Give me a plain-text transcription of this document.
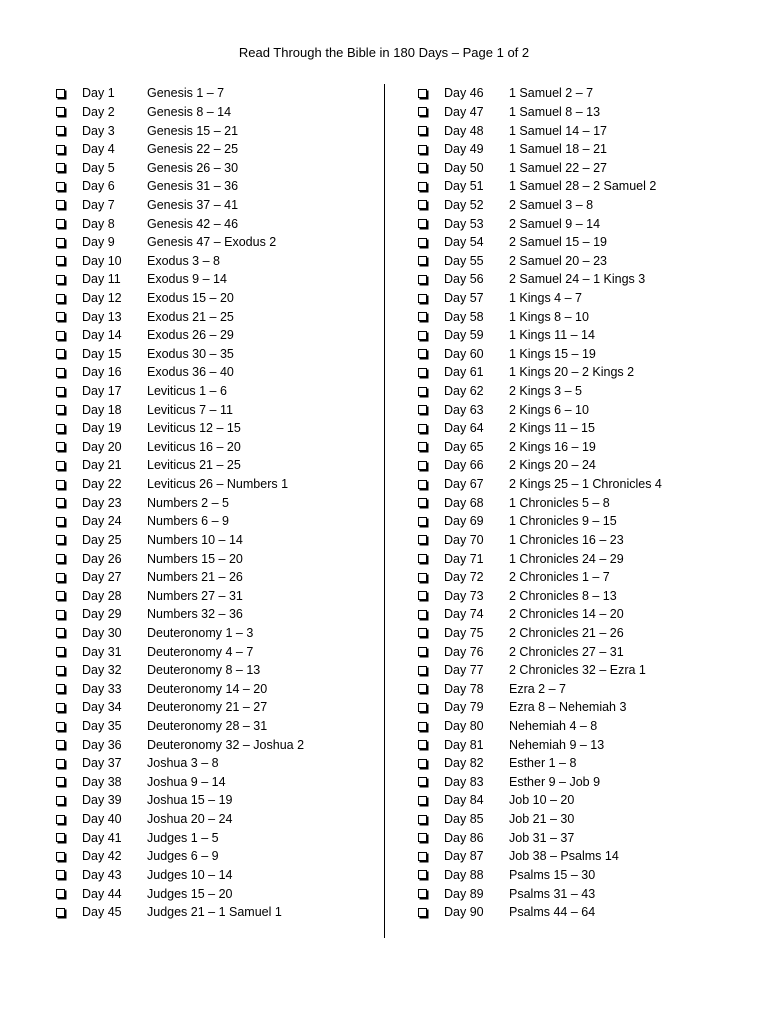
Read Through the Bible in 180 Days – Page 1 of 2
Day 1	Genesis 1 – 7
Day 2	Genesis 8 – 14
Day 3	Genesis 15 – 21
Day 4	Genesis 22 – 25
Day 5	Genesis 26 – 30
Day 6	Genesis 31 – 36
Day 7	Genesis 37 – 41
Day 8	Genesis 42 – 46
Day 9	Genesis 47 – Exodus 2
Day 10	Exodus 3 – 8
Day 11	Exodus 9 – 14
Day 12	Exodus 15 – 20
Day 13	Exodus 21 – 25
Day 14	Exodus 26 – 29
Day 15	Exodus 30 – 35
Day 16	Exodus 36 – 40
Day 17	Leviticus 1 – 6
Day 18	Leviticus 7 – 11
Day 19	Leviticus 12 – 15
Day 20	Leviticus 16 – 20
Day 21	Leviticus 21 – 25
Day 22	Leviticus 26 – Numbers 1
Day 23	Numbers 2 – 5
Day 24	Numbers 6 – 9
Day 25	Numbers 10 – 14
Day 26	Numbers 15 – 20
Day 27	Numbers 21 – 26
Day 28	Numbers 27 – 31
Day 29	Numbers 32 – 36
Day 30	Deuteronomy 1 – 3
Day 31	Deuteronomy 4 – 7
Day 32	Deuteronomy 8 – 13
Day 33	Deuteronomy 14 – 20
Day 34	Deuteronomy 21 – 27
Day 35	Deuteronomy 28 – 31
Day 36	Deuteronomy 32 – Joshua 2
Day 37	Joshua 3 – 8
Day 38	Joshua 9 – 14
Day 39	Joshua 15 – 19
Day 40	Joshua 20 – 24
Day 41	Judges 1 – 5
Day 42	Judges 6 – 9
Day 43	Judges 10 – 14
Day 44	Judges 15 – 20
Day 45	Judges 21 – 1 Samuel 1
Day 46	1 Samuel 2 – 7
Day 47	1 Samuel 8 – 13
Day 48	1 Samuel 14 – 17
Day 49	1 Samuel 18 – 21
Day 50	1 Samuel 22 – 27
Day 51	1 Samuel 28 – 2 Samuel 2
Day 52	2 Samuel 3 – 8
Day 53	2 Samuel 9 – 14
Day 54	2 Samuel 15 – 19
Day 55	2 Samuel 20 – 23
Day 56	2 Samuel 24 – 1 Kings 3
Day 57	1 Kings 4 – 7
Day 58	1 Kings 8 – 10
Day 59	1 Kings 11 – 14
Day 60	1 Kings 15 – 19
Day 61	1 Kings 20 – 2 Kings 2
Day 62	2 Kings 3 – 5
Day 63	2 Kings 6 – 10
Day 64	2 Kings 11 – 15
Day 65	2 Kings 16 – 19
Day 66	2 Kings 20 – 24
Day 67	2 Kings 25 – 1 Chronicles 4
Day 68	1 Chronicles 5 – 8
Day 69	1 Chronicles 9 – 15
Day 70	1 Chronicles 16 – 23
Day 71	1 Chronicles 24 – 29
Day 72	2 Chronicles 1 – 7
Day 73	2 Chronicles 8 – 13
Day 74	2 Chronicles 14 – 20
Day 75	2 Chronicles 21 – 26
Day 76	2 Chronicles 27 – 31
Day 77	2 Chronicles 32 – Ezra 1
Day 78	Ezra 2 – 7
Day 79	Ezra 8 – Nehemiah 3
Day 80	Nehemiah 4 – 8
Day 81	Nehemiah 9 – 13
Day 82	Esther 1 – 8
Day 83	Esther 9 – Job 9
Day 84	Job 10 – 20
Day 85	Job 21 – 30
Day 86	Job 31 – 37
Day 87	Job 38 – Psalms 14
Day 88	Psalms 15 – 30
Day 89	Psalms 31 – 43
Day 90	Psalms 44 – 64
